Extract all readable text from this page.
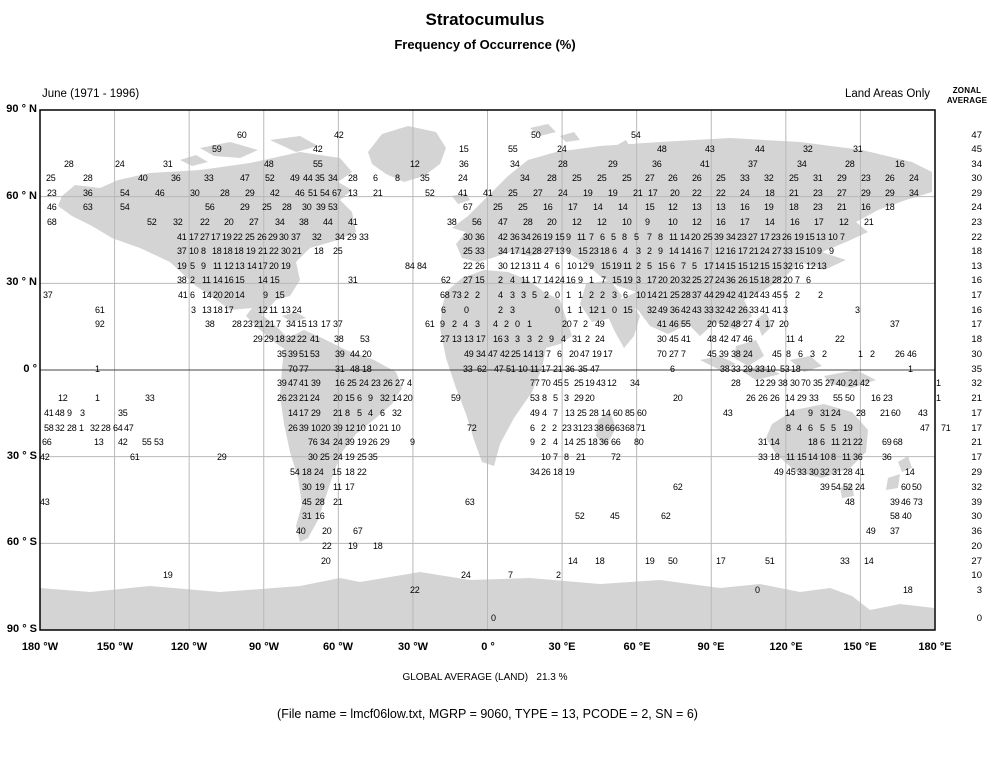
Stratocumulus
Frequency of Occurrence (%)
June (1971 - 1996)	Land Areas Only	ZONAL
AVERAGE
60	42	50	54	47
59	42	15	55	24	48	43	44	32	31	45
28	24	31	48	55	12	36	34	28	29	36	41	37	34	28	16	34
25	28	40	36	33	47 52 49 44 35 34 28 6 8 35	24	34 28 25 25 25 27 26 26 25 33 32 25 31 29 23 26 24	30
23	36	54	46	30 28 29 42 46 51 54 67 13 21	52	41 41 25 27 24 19 19 21 17 20 22 22 24 18 21 23 27 29 29 34	29
46	63	54	56	29 25 28 30 39 53	67 25 25 16 17 14 14 15 12 13 13 16 19 18 23 21 16 18	24
68	52 32 22 20 27 34 38 44 41	38 56 47 28 20 12 12 10 9 10 12 16 17 14 16 17 12 21	23
41 17 27 17 19 22 25 26 29 30 37 32 34 29 33	30 36 42 36 34 26 19 15 9 11 7 6 5 8 5 7 8 11 14 20 25 39 34 23 27 17 23 26 19 15 13 10 7	22
37 10 8 18 18 18 19 21 22 30 21 18 25	25 33 34 17 14 28 27 13 9 15 23 18 6 4 3 2 9 14 14 16 7 12 16 17 21 24 27 33 15 10 9 9	18
19 5 9 11 12 13 14 17 20 19	84 84	22 26 30 12 13 11 4 6 10 12 9 15 19 11 2 5 15 6 7 5 17 14 15 15 12 15 15 32 16 12 13	13
38 2 11 14 16 15 14 15	31	62 27 15 2 4 11 17 14 24 16 9 1 7 15 19 3 17 20 20 32 25 27 24 36 26 15 18 28 20 7 6	16
37	41 6 14 20 20 14 9 15	68 73 2 2 4 3 3 5 2 0 1 1 2 2 3 6 10 14 21 25 28 37 44 29 42 41 24 43 45 5 2 2	17
61	3 13 18 17	12 11 13 24	6 0	2 3	0 1 1 12 1 0 15 32 49 36 42 43 33 32 42 26 33 41 41 3	3	16
92	38 28 23 21 21 7 34 15 13 17 37	61 9 2 4 3 4 2 0 1	20 7 2 49	41 46 55 20 52 48 27 4 17 20	37	17
29 29 18 32 22 41 38 53	27 13 13 17 16 3 3 3 2 9 4 31 2 24	30 45 41 48 42 47 46	11 4	22	18
35 39 51 53 39 44 20	49 34 47 42 25 14 13 7 6 20 47 19 17	70 27 7 45 39 38 24 45 8 6 3 2	1 2 26 46	30
1	70 77	31 48 18	33 62 47 51 10 11 17 21 36 35 47	6	38 33 29 33 10 53 18	1	35
39 47 41 39 16 25 24 23 26 27 4	77 70 45 5 25 19 43 12 34	28 12 29 38 30 70 35 27 40 24 42	1	32
12	1	33	26 23 21 24 20 15 6 9 32 14 20	59	53 8 5 3 29 20	20	26 26 26 14 29 33 55 50 16 23	1	21
41 48 9 3	35	14 17 29 21 8 5 4 6 32	49 4 7 13 25 28 14 60 85 60	43	14 9 31 24 28 21 60 43	17
58 32 28 1 32 28 64 47	26 39 10 20 39 12 10 10 21 10	72	6 2 2 23 31 23 38 66 63 68 71	8 4 6 5 5 19	47 71	17
66	13 42 55 53	76 34 24 39 19 26 29 9	9 2 4 14 25 18 36 66 80	31 14	18 6 11 21 22 69 68	21
42	61	29	30 25 24 19 25 35	10 7 8 21	72	33 18 11 15 14 10 8 11 36 36	17
54 18 24 15 18 22	34 26 18 19	49 45 33 30 32 31 28 41	14	29
30 19 11 17	62	39 54 52 24	60 50	32
43	45 28 21	63	48	39 46 73	39
31 16	52	45	62	58 40	30
40 20 67	49 37	36
22 19 18	20
20	14 18	19 50	17	51	33 14	27
19	24	7	2	10
22	0	18	3
0	0
90 ° N
60 ° N
30 ° N
0 °
30 ° S
60 ° S
90 ° S
180 °W	150 °W	120 °W	90 °W	60 °W	30 °W	0 °	30 °E	60 °E	90 °E	120 °E	150 °E	180 °E
GLOBAL AVERAGE (LAND)   21.3 %
(File name = lmcf06low.txt, MGRP = 9060, TYPE = 13, PCODE = 2, SN = 6)
